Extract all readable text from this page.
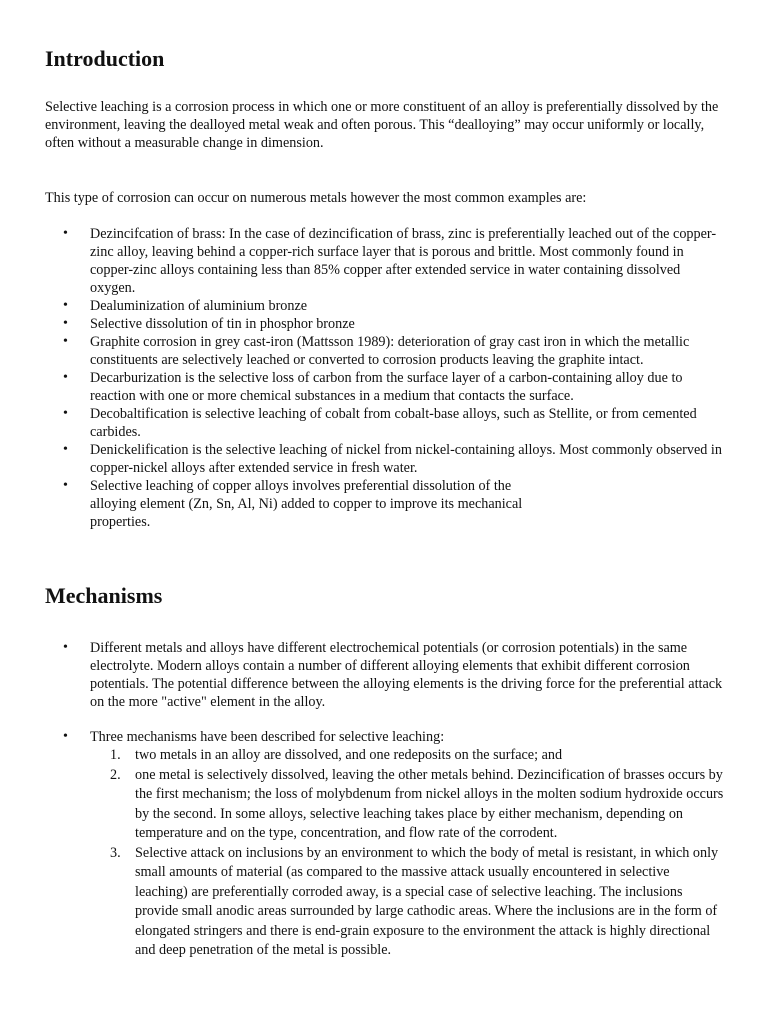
Introduction

Selective leaching is a corrosion process in which one or more constituent of an alloy is preferentially dissolved by the environment, leaving the dealloyed metal weak and often porous. This “dealloying” may occur uniformly or locally, often without a measurable change in dimension.

This type of corrosion can occur on numerous metals however the most common examples are:

• Dezincifcation of brass: In the case of dezincification of brass, zinc is preferentially leached out of the copper-zinc alloy, leaving behind a copper-rich surface layer that is porous and brittle. Most commonly found in copper-zinc alloys containing less than 85% copper after extended service in water containing dissolved oxygen.
• Dealuminization of aluminium bronze
• Selective dissolution of tin in phosphor bronze
• Graphite corrosion in grey cast-iron (Mattsson 1989): deterioration of gray cast iron in which the metallic constituents are selectively leached or converted to corrosion products leaving the graphite intact.
• Decarburization is the selective loss of carbon from the surface layer of a carbon-containing alloy due to reaction with one or more chemical substances in a medium that contacts the surface.
• Decobaltification is selective leaching of cobalt from cobalt-base alloys, such as Stellite, or from cemented carbides.
• Denickelification is the selective leaching of nickel from nickel-containing alloys. Most commonly observed in copper-nickel alloys after extended service in fresh water.
• Selective leaching of copper alloys involves preferential dissolution of the alloying element (Zn, Sn, Al, Ni) added to copper to improve its mechanical properties.
Mechanisms
• Different metals and alloys have different electrochemical potentials (or corrosion potentials) in the same electrolyte. Modern alloys contain a number of different alloying elements that exhibit different corrosion potentials. The potential difference between the alloying elements is the driving force for the preferential attack on the more "active" element in the alloy.
• Three mechanisms have been described for selective leaching:
1. two metals in an alloy are dissolved, and one redeposits on the surface; and
2. one metal is selectively dissolved, leaving the other metals behind. Dezincification of brasses occurs by the first mechanism; the loss of molybdenum from nickel alloys in the molten sodium hydroxide occurs by the second. In some alloys, selective leaching takes place by either mechanism, depending on temperature and on the type, concentration, and flow rate of the corrodent.
3. Selective attack on inclusions by an environment to which the body of metal is resistant, in which only small amounts of material (as compared to the massive attack usually encountered in selective leaching) are preferentially corroded away, is a special case of selective leaching. The inclusions provide small anodic areas surrounded by large cathodic areas. Where the inclusions are in the form of elongated stringers and there is end-grain exposure to the environment the attack is highly directional and deep penetration of the metal is possible.
